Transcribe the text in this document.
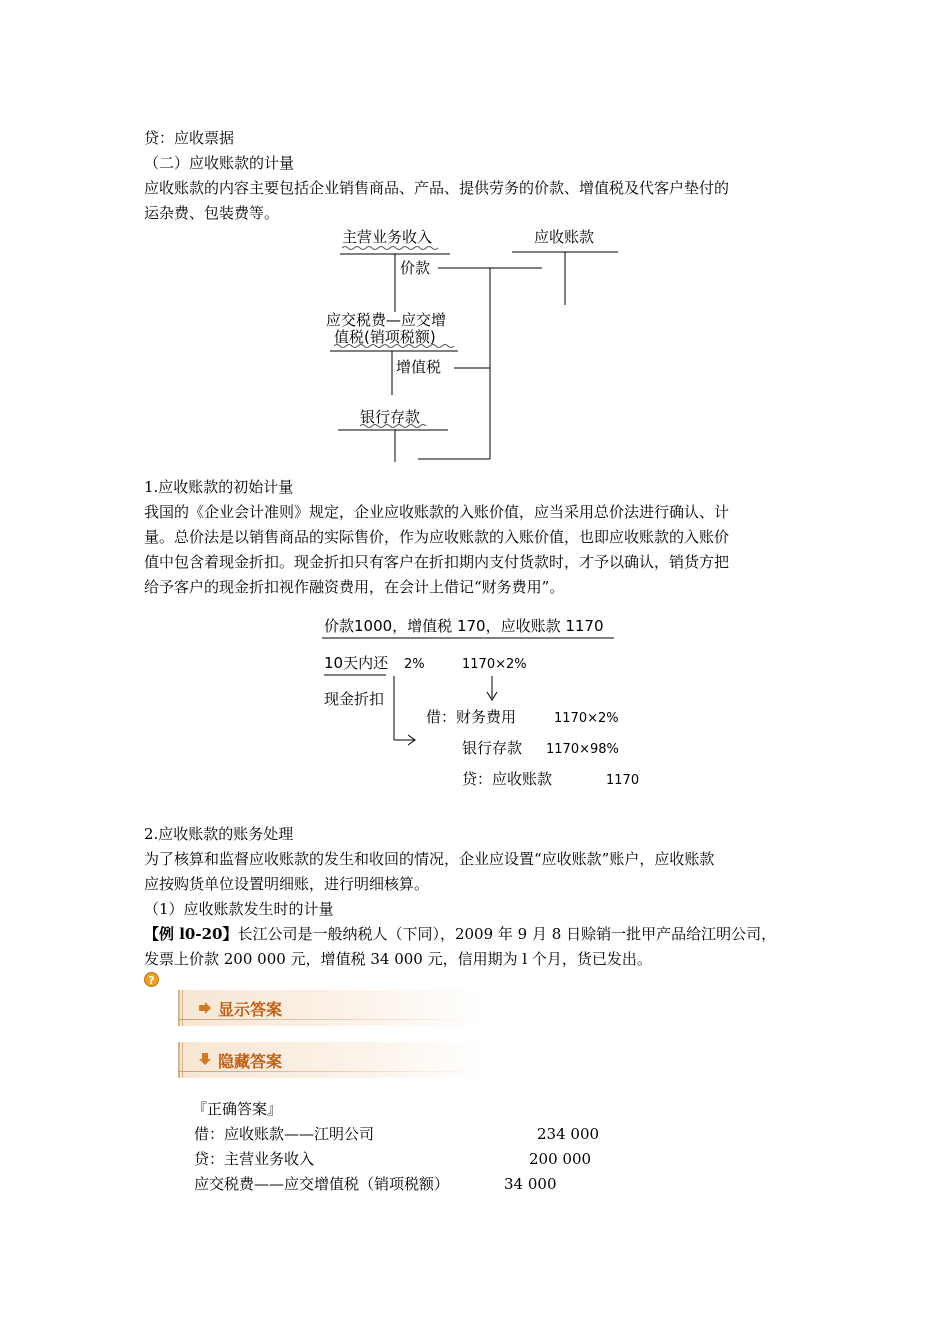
贷：应收票据
（二）应收账款的计量
应收账款的内容主要包括企业销售商品、产品、提供劳务的价款、增值税及代客户垫付的
运杂费、包装费等。
主营业务收入	应收账款
价款
应交税费—应交增
值税(销项税额)
增值税
银行存款
1.应收账款的初始计量
我国的《企业会计准则》规定，企业应收账款的入账价值，应当采用总价法进行确认、计
量。总价法是以销售商品的实际售价，作为应收账款的入账价值，也即应收账款的入账价
值中包含着现金折扣。现金折扣只有客户在折扣期内支付货款时，才予以确认，销货方把
给予客户的现金折扣视作融资费用，在会计上借记“财务费用”。
价款1000，增值税 170，应收账款 1170
10天内还 2%	1170×2%
现金折扣
借：财务费用	1170×2%
银行存款 1170×98%
贷：应收账款	1170
2.应收账款的账务处理
为了核算和监督应收账款的发生和收回的情况，企业应设置“应收账款”账户，应收账款
应按购货单位设置明细账，进行明细核算。
（1）应收账款发生时的计量
【例 l0-20】长江公司是一般纳税人（下同），2009 年 9 月 8 日赊销一批甲产品给江明公司，
发票上价款 200 000 元，增值税 34 000 元，信用期为 l 个月，货已发出。
?
显示答案
隐藏答案
『正确答案』
借：应收账款——江明公司	234 000
贷：主营业务收入	200 000
应交税费——应交增值税（销项税额）	34 000
